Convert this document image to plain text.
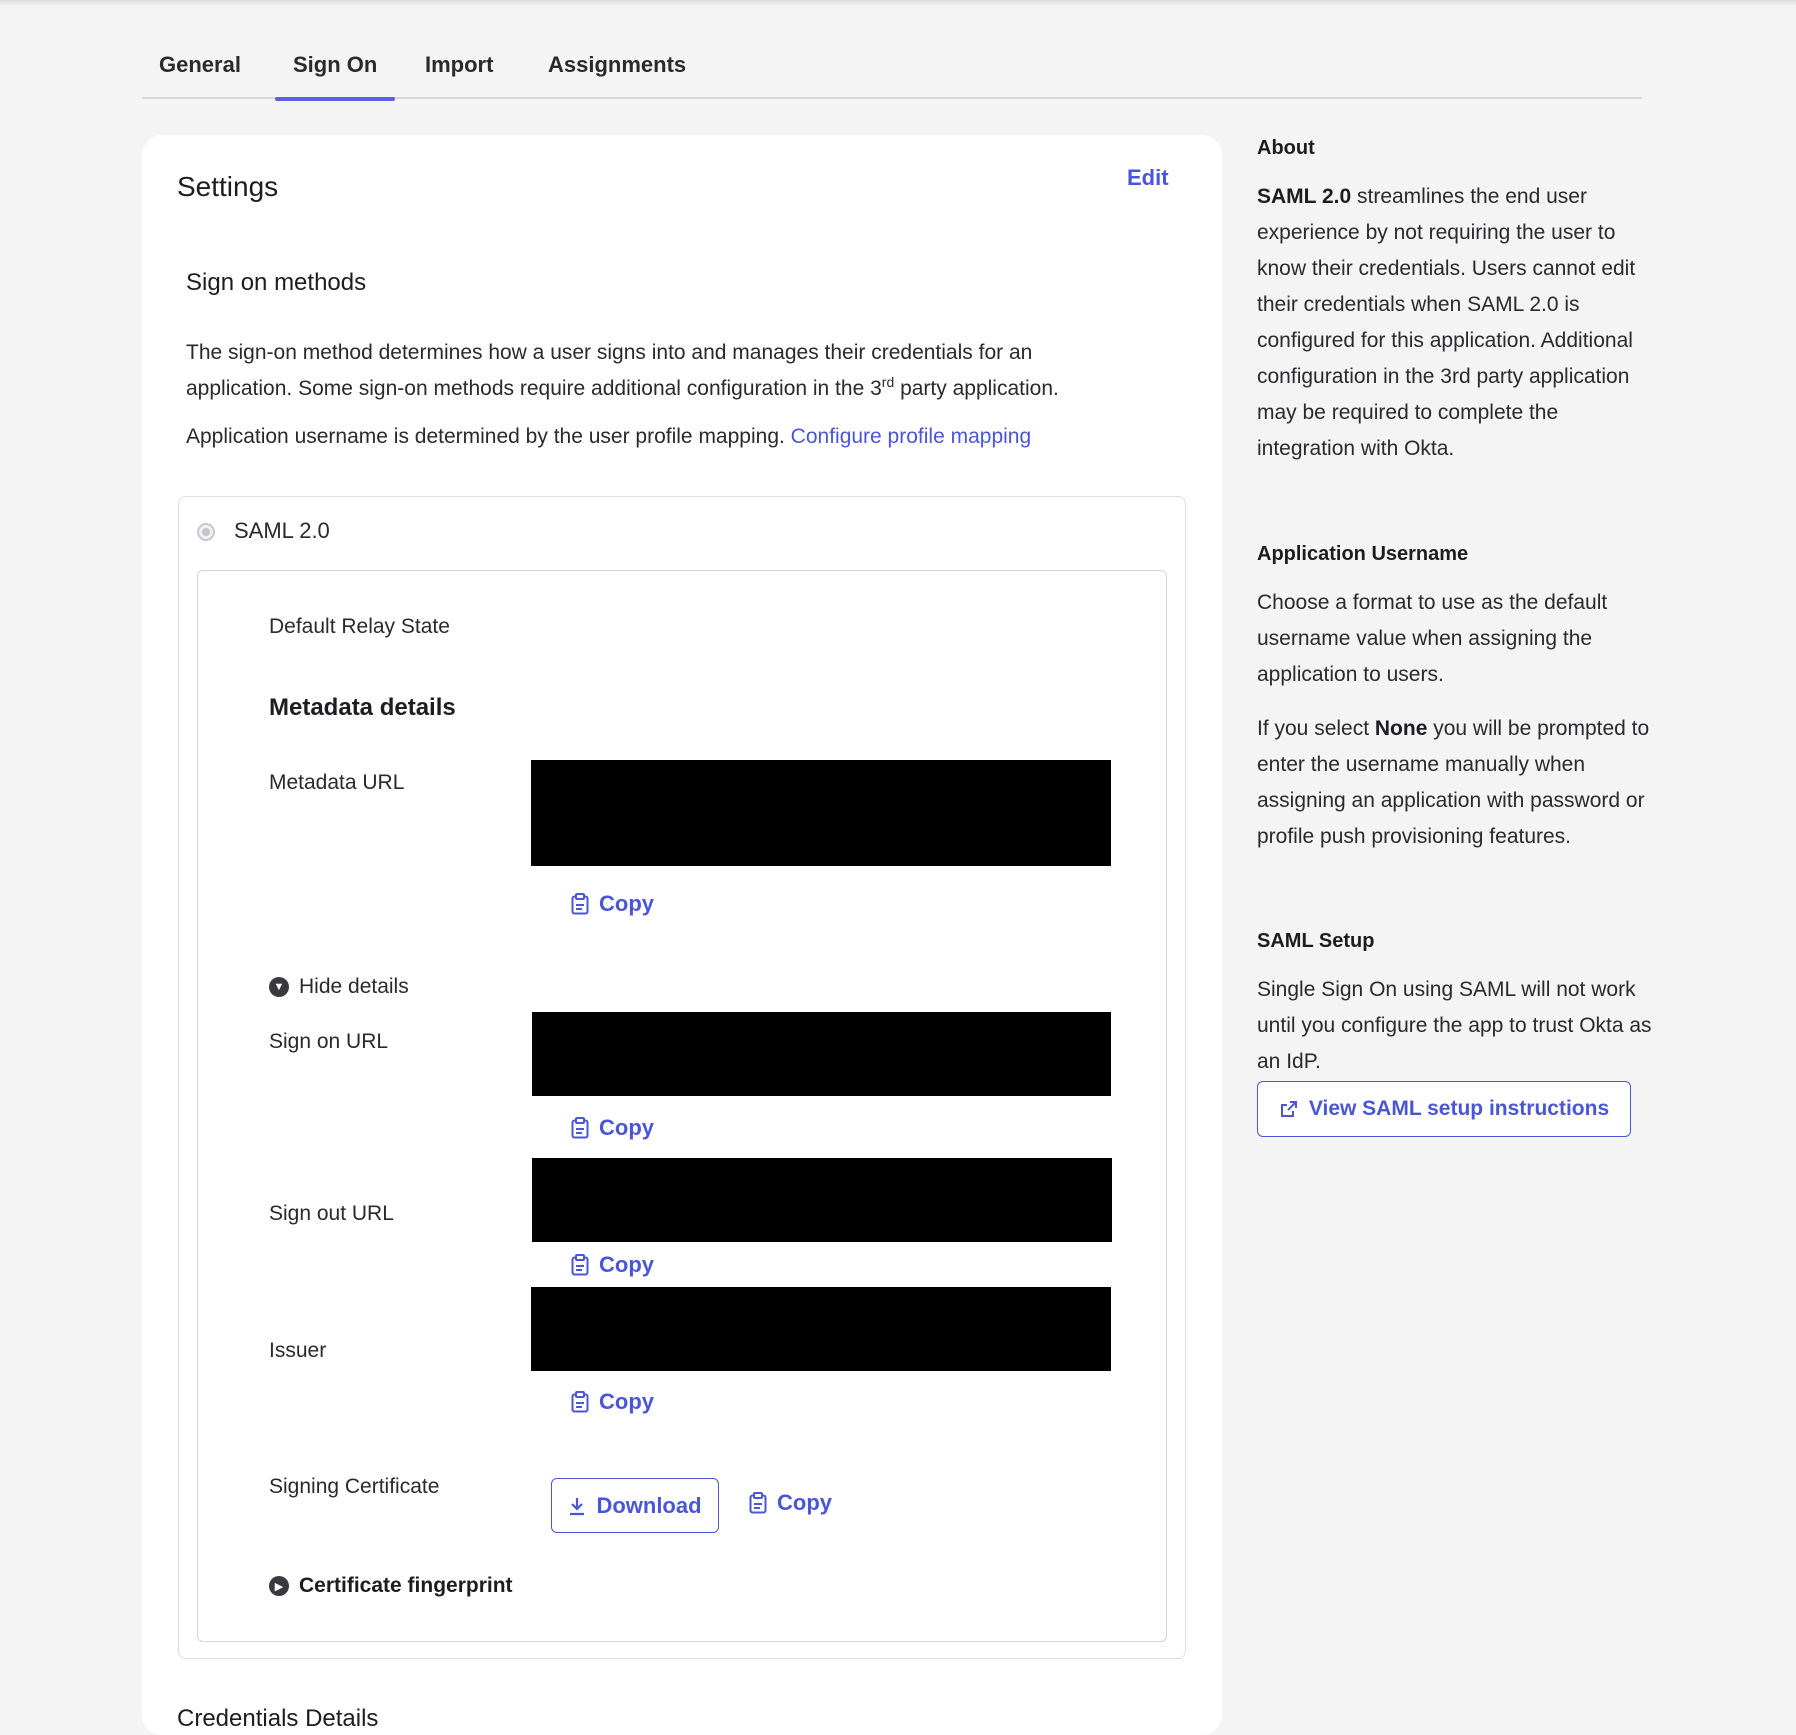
General Sign On Import Assignments
Settings	Edit
Sign on methods
The sign-on method determines how a user signs into and manages their credentials for an
application. Some sign-on methods require additional configuration in the 3rd party application.
Application username is determined by the user profile mapping. Configure profile mapping
SAML 2.0
Default Relay State
Metadata details
Metadata URL
Copy
▼ Hide details
Sign on URL
Copy
Sign out URL
Copy
Issuer
Copy
Signing Certificate
Download	Copy
▶ Certificate fingerprint
Credentials Details
About
SAML 2.0 streamlines the end user experience by not requiring the user to know their credentials. Users cannot edit their credentials when SAML 2.0 is configured for this application. Additional configuration in the 3rd party application may be required to complete the integration with Okta.
Application Username
Choose a format to use as the default username value when assigning the application to users.
If you select None you will be prompted to enter the username manually when assigning an application with password or profile push provisioning features.
SAML Setup
Single Sign On using SAML will not work until you configure the app to trust Okta as an IdP.
View SAML setup instructions
